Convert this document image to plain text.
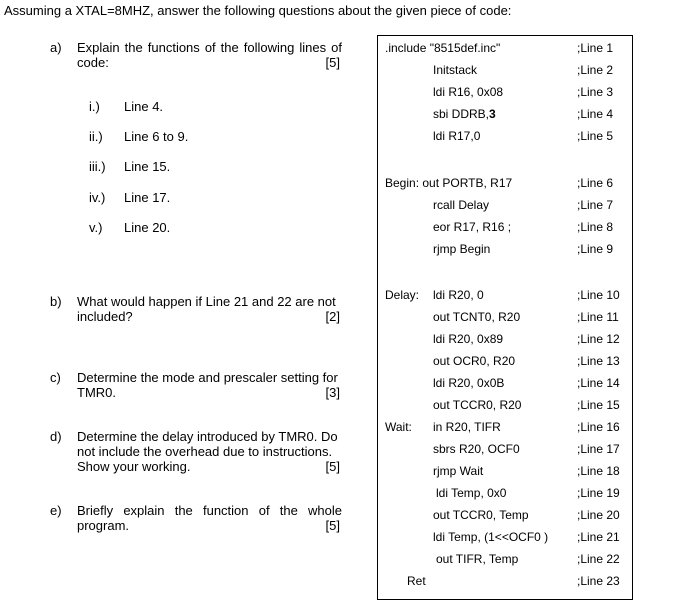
Assuming a XTAL=8MHZ, answer the following questions about the given piece of code:
a) Explain the functions of the following lines of code:	[5]
i.) Line 4.
ii.) Line 6 to 9.
iii.) Line 15.
iv.) Line 17.
v.) Line 20.
b) What would happen if Line 21 and 22 are not included?	[2]
c) Determine the mode and prescaler setting for TMR0.	[3]
d) Determine the delay introduced by TMR0. Do not include the overhead due to instructions. Show your working.	[5]
e) Briefly explain the function of the whole program.	[5]
.include "8515def.inc"	;Line 1
Initstack	;Line 2
ldi R16, 0x08	;Line 3
sbi DDRB,3	;Line 4
ldi R17,0	;Line 5
Begin: out PORTB, R17	;Line 6
rcall Delay	;Line 7
eor R17, R16 ;	;Line 8
rjmp Begin	;Line 9
Delay: ldi R20, 0	;Line 10
out TCNT0, R20	;Line 11
ldi R20, 0x89	;Line 12
out OCR0, R20	;Line 13
ldi R20, 0x0B	;Line 14
out TCCR0, R20	;Line 15
Wait: in R20, TIFR	;Line 16
sbrs R20, OCF0	;Line 17
rjmp Wait	;Line 18
ldi Temp, 0x0	;Line 19
out TCCR0, Temp	;Line 20
ldi Temp, (1<<OCF0 ) ;Line 21
out TIFR, Temp	;Line 22
Ret	;Line 23
